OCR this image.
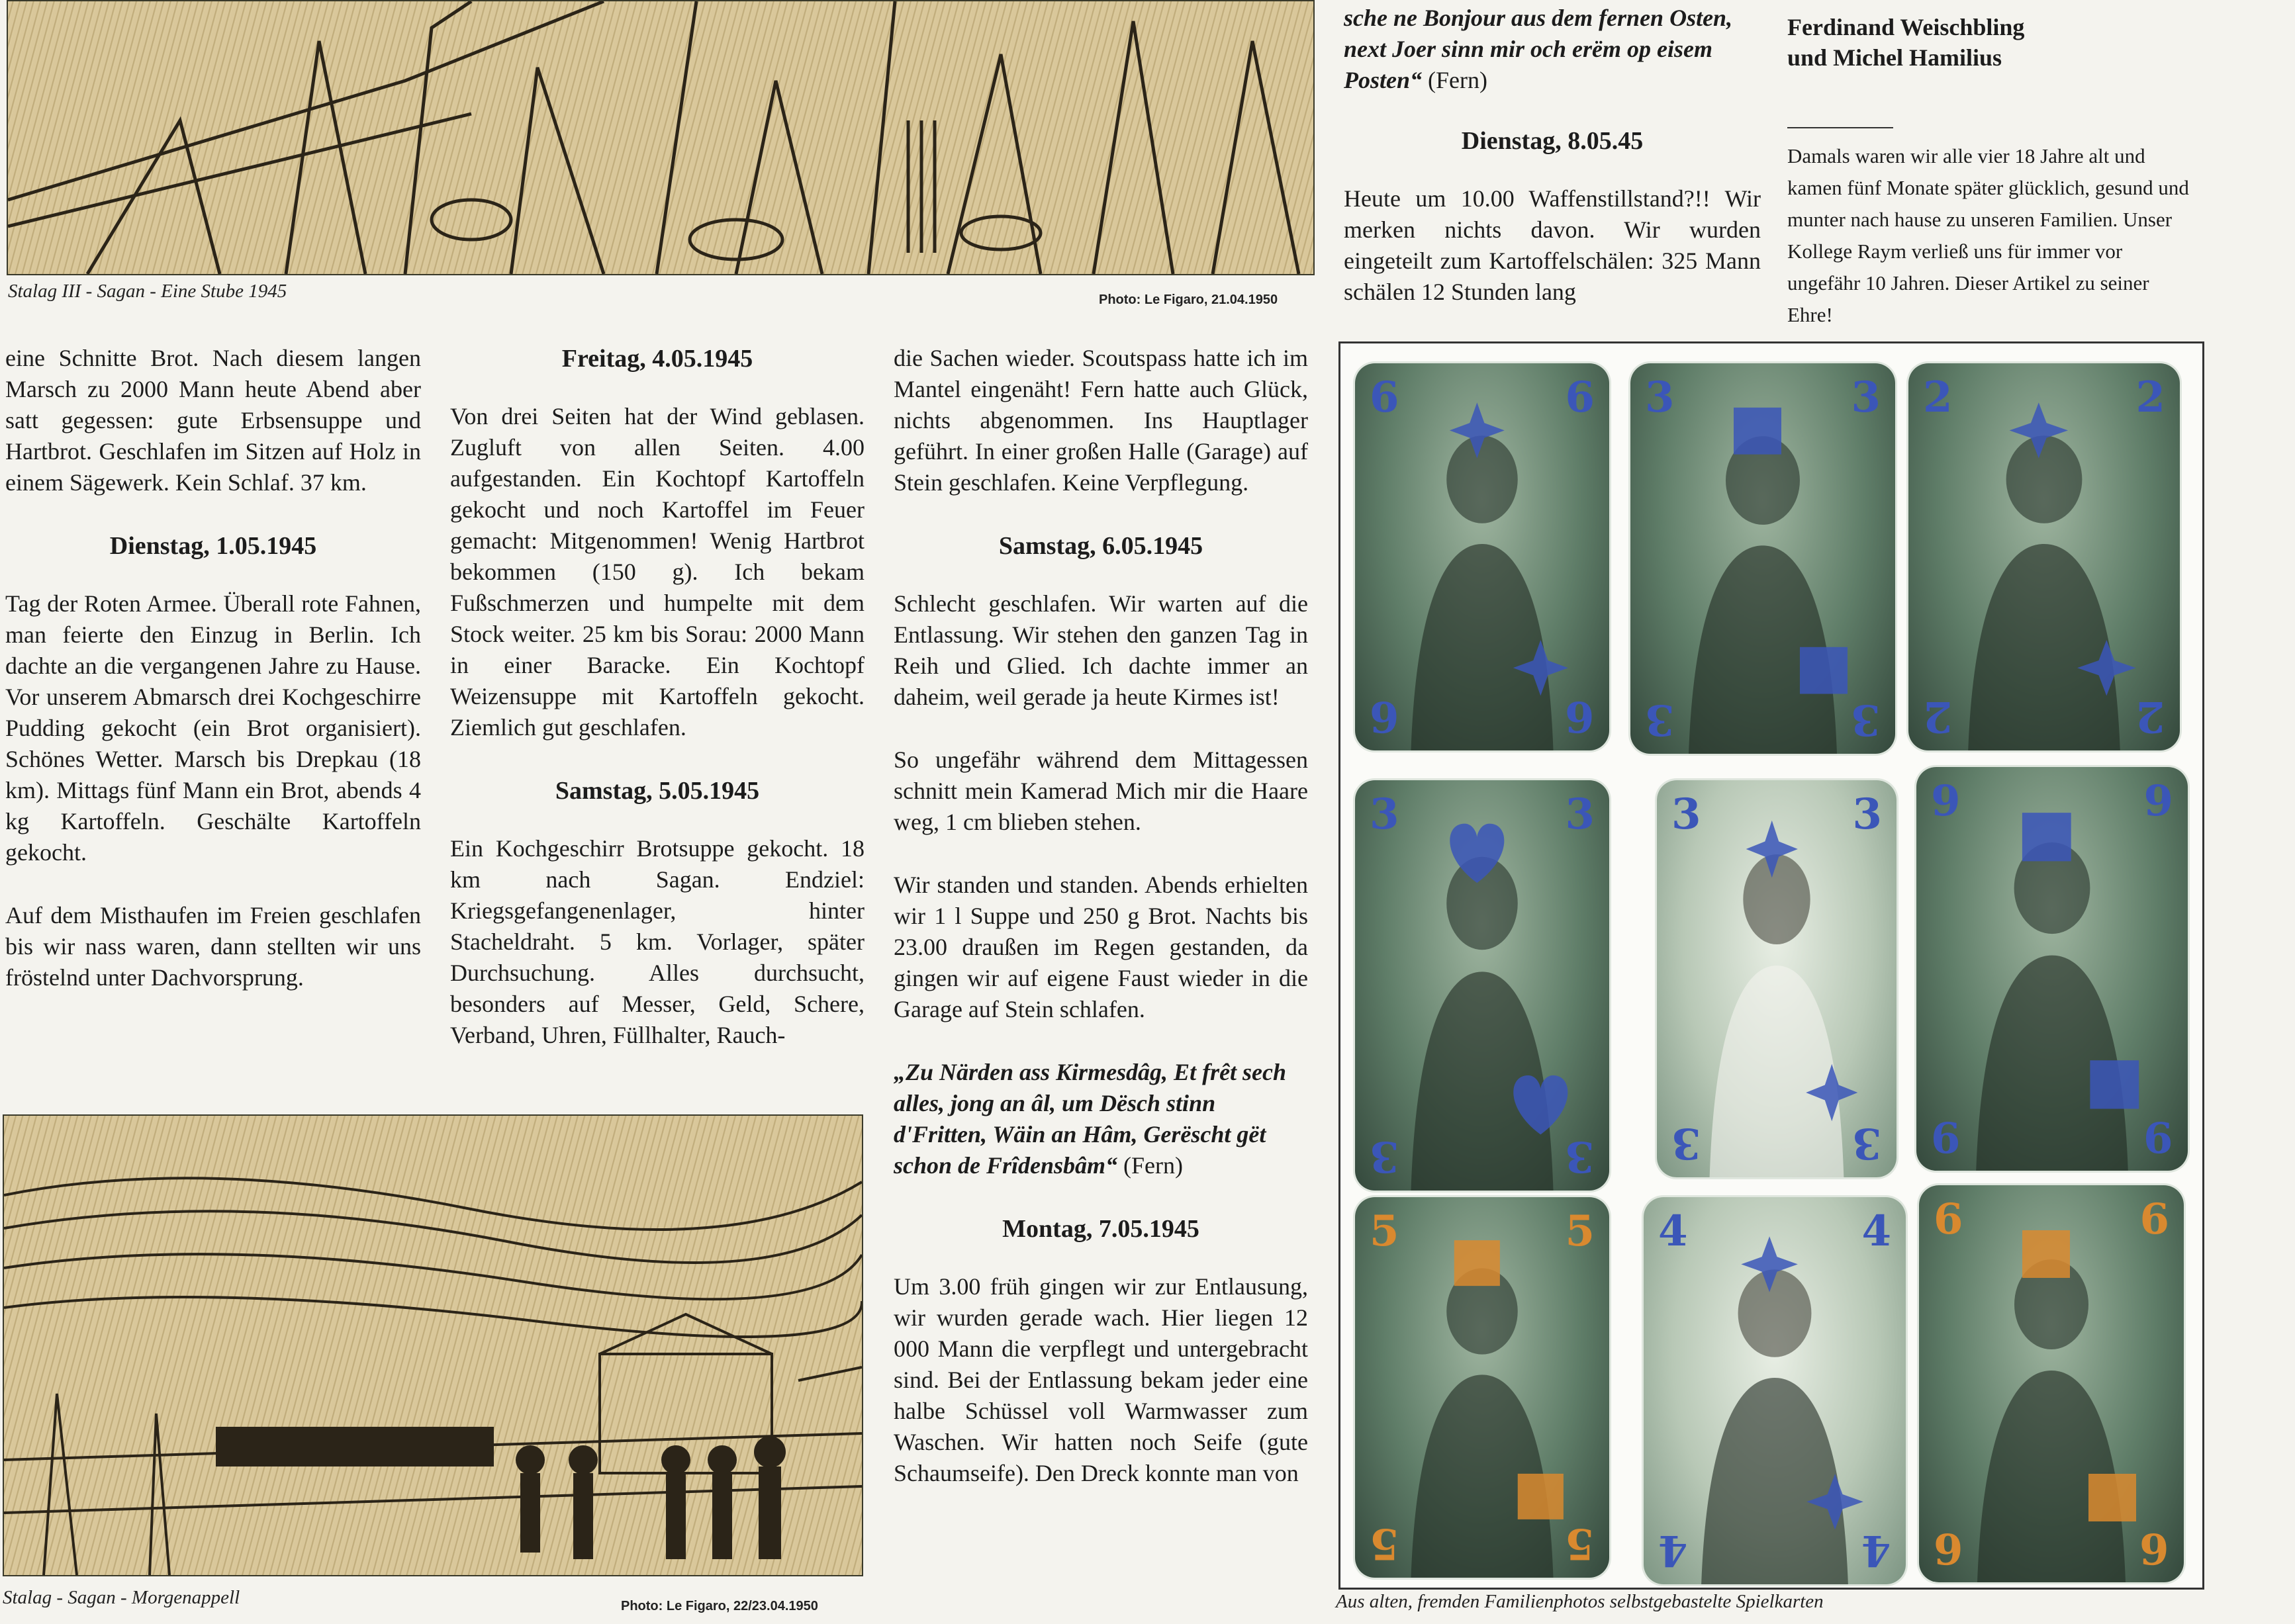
Stalag III - Sagan - Eine Stube 1945	Photo: Le Figaro, 21.04.1950

eine Schnitte Brot. Nach diesem langen Marsch zu 2000 Mann heute Abend aber satt gegessen: gute Erbsensuppe und Hartbrot. Geschlafen im Sitzen auf Holz in einem Sägewerk. Kein Schlaf. 37 km.

Dienstag, 1.05.1945

Tag der Roten Armee. Überall rote Fahnen, man feierte den Einzug in Berlin. Ich dachte an die vergangenen Jahre zu Hause. Vor unserem Abmarsch drei Kochgeschirre Pudding gekocht (ein Brot organisiert). Schönes Wetter. Marsch bis Drepkau (18 km). Mittags fünf Mann ein Brot, abends 4 kg Kartoffeln. Geschälte Kartoffeln gekocht.

Auf dem Misthaufen im Freien geschlafen bis wir nass waren, dann stellten wir uns fröstelnd unter Dachvorsprung.

Freitag, 4.05.1945

Von drei Seiten hat der Wind geblasen. Zugluft von allen Seiten. 4.00 aufgestanden. Ein Kochtopf Kartoffeln gekocht und noch Kartoffel im Feuer gemacht: Mitgenommen! Wenig Hartbrot bekommen (150 g). Ich bekam Fußschmerzen und humpelte mit dem Stock weiter. 25 km bis Sorau: 2000 Mann in einer Baracke. Ein Kochtopf Weizensuppe mit Kartoffeln gekocht. Ziemlich gut geschlafen.

Samstag, 5.05.1945

Ein Kochgeschirr Brotsuppe gekocht. 18 km nach Sagan. Endziel: Kriegsgefangenenlager, hinter Stacheldraht. 5 km. Vorlager, später Durchsuchung. Alles durchsucht, besonders auf Messer, Geld, Schere, Verband, Uhren, Füllhalter, Rauch-

Stalag - Sagan - Morgenappell	Photo: Le Figaro, 22/23.04.1950

die Sachen wieder. Scoutspass hatte ich im Mantel eingenäht! Fern hatte auch Glück, nichts abgenommen. Ins Hauptlager geführt. In einer großen Halle (Garage) auf Stein geschlafen. Keine Verpflegung.

Samstag, 6.05.1945

Schlecht geschlafen. Wir warten auf die Entlassung. Wir stehen den ganzen Tag in Reih und Glied. Ich dachte immer an daheim, weil gerade ja heute Kirmes ist!

So ungefähr während dem Mittagessen schnitt mein Kamerad Mich mir die Haare weg, 1 cm blieben stehen.

Wir standen und standen. Abends erhielten wir 1 l Suppe und 250 g Brot. Nachts bis 23.00 draußen im Regen gestanden, da gingen wir auf eigene Faust wieder in die Garage auf Stein schlafen.

„Zu Närden ass Kirmesdâg, Et frêt sech alles, jong an âl, um Dësch stinn d'Fritten, Wäin an Hâm, Gerëscht gët schon de Frîdensbâm“ (Fern)

Montag, 7.05.1945

Um 3.00 früh gingen wir zur Entlausung, wir wurden gerade wach. Hier liegen 12 000 Mann die verpflegt und untergebracht sind. Bei der Entlassung bekam jeder eine halbe Schüssel voll Warmwasser zum Waschen. Wir hatten noch Seife (gute Schaumseife). Den Dreck konnte man von

sche ne Bonjour aus dem fernen Osten, next Joer sinn mir och erëm op eisem Posten“ (Fern)

Dienstag, 8.05.45

Heute um 10.00 Waffenstillstand?!! Wir merken nichts davon. Wir wurden eingeteilt zum Kartoffelschälen: 325 Mann schälen 12 Stunden lang

Ferdinand Weischbling
und Michel Hamilius
Damals waren wir alle vier 18 Jahre alt und kamen fünf Monate später glücklich, gesund und munter nach hause zu unseren Familien. Unser Kollege Raym verließ uns für immer vor ungefähr 10 Jahren. Dieser Artikel zu seiner Ehre!
6	6
6	6
3	3
3	3
2	2
2	2
3	3
3	3
3	3
3	3
9	9
9	9
5	5
5	5
4	4
4	4
6	6
6	6
Aus alten, fremden Familienphotos selbstgebastelte Spielkarten
